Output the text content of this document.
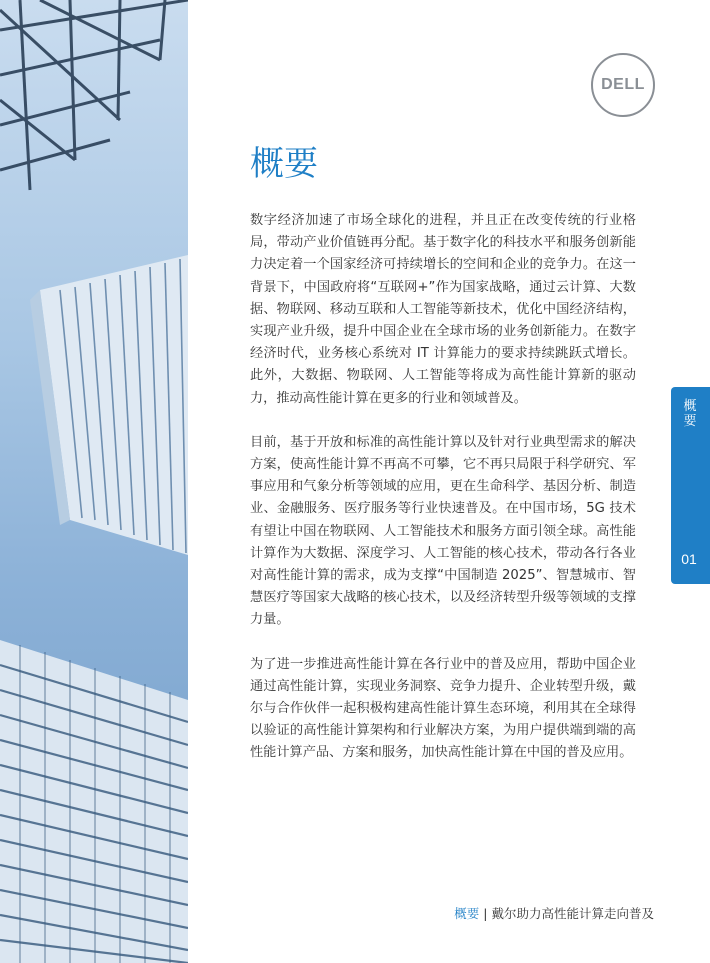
DELL
概要

数字经济加速了市场全球化的进程，并且正在改变传统的行业格局，带动产业价值链再分配。基于数字化的科技水平和服务创新能力决定着一个国家经济可持续增长的空间和企业的竞争力。在这一背景下，中国政府将“互联网+”作为国家战略，通过云计算、大数据、物联网、移动互联和人工智能等新技术，优化中国经济结构，实现产业升级，提升中国企业在全球市场的业务创新能力。在数字经济时代，业务核心系统对 IT 计算能力的要求持续跳跃式增长。此外，大数据、物联网、人工智能等将成为高性能计算新的驱动力，推动高性能计算在更多的行业和领域普及。

目前，基于开放和标准的高性能计算以及针对行业典型需求的解决方案，使高性能计算不再高不可攀，它不再只局限于科学研究、军事应用和气象分析等领域的应用，更在生命科学、基因分析、制造业、金融服务、医疗服务等行业快速普及。在中国市场，5G 技术有望让中国在物联网、人工智能技术和服务方面引领全球。高性能计算作为大数据、深度学习、人工智能的核心技术，带动各行各业对高性能计算的需求，成为支撑“中国制造 2025”、智慧城市、智慧医疗等国家大战略的核心技术，以及经济转型升级等领域的支撑力量。

为了进一步推进高性能计算在各行业中的普及应用，帮助中国企业通过高性能计算，实现业务洞察、竞争力提升、企业转型升级，戴尔与合作伙伴一起积极构建高性能计算生态环境，利用其在全球得以验证的高性能计算架构和行业解决方案，为用户提供端到端的高性能计算产品、方案和服务，加快高性能计算在中国的普及应用。

概要
01
概要 | 戴尔助力高性能计算走向普及
